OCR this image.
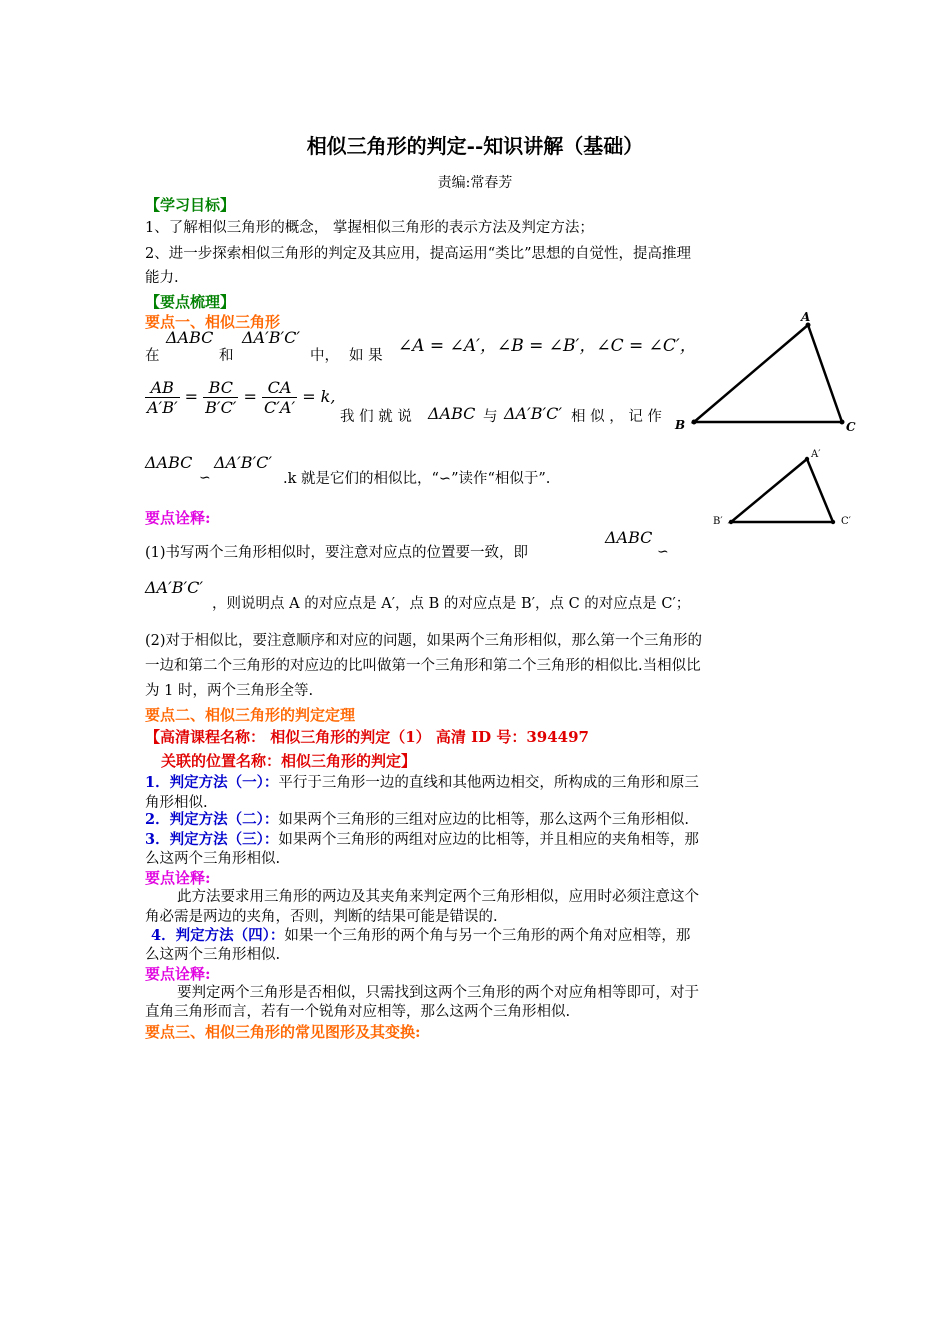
相似三角形的判定--知识讲解（基础）
责编:常春芳
【学习目标】
1、了解相似三角形的概念， 掌握相似三角形的表示方法及判定方法；
2、进一步探索相似三角形的判定及其应用，提高运用“类比”思想的自觉性，提高推理
能力.
【要点梳理】
要点一、相似三角形
在
ΔABC
和
ΔA′B′C′
中， 如 果 ∠A = ∠A′，∠B = ∠B′，∠C = ∠C′，
$\frac{AB}{A'B'} = \frac{BC}{B'C'} = \frac{CA}{C'A'} = k$,
我 们 就 说 ΔABC 与 ΔA′B′C′ 相 似 ， 记 作
ΔABC
∽
ΔA′B′C′
.k 就是它们的相似比，“∽”读作“相似于”.
要点诠释:
(1)书写两个三角形相似时，要注意对应点的位置要一致，即
ΔABC
∽
ΔA′B′C′
，则说明点 A 的对应点是 A′，点 B 的对应点是 B′，点 C 的对应点是 C′；
(2)对于相似比，要注意顺序和对应的问题，如果两个三角形相似，那么第一个三角形的
一边和第二个三角形的对应边的比叫做第一个三角形和第二个三角形的相似比.当相似比
为 1 时，两个三角形全等.
要点二、相似三角形的判定定理
【高清课程名称： 相似三角形的判定（1） 高清 ID 号：394497
关联的位置名称：相似三角形的判定】
1．判定方法（一）：平行于三角形一边的直线和其他两边相交，所构成的三角形和原三
角形相似.
2．判定方法（二）：如果两个三角形的三组对应边的比相等，那么这两个三角形相似.
3．判定方法（三）：如果两个三角形的两组对应边的比相等，并且相应的夹角相等，那
么这两个三角形相似.
要点诠释:
此方法要求用三角形的两边及其夹角来判定两个三角形相似，应用时必须注意这个
角必需是两边的夹角，否则，判断的结果可能是错误的.
4．判定方法（四）：如果一个三角形的两个角与另一个三角形的两个角对应相等，那
么这两个三角形相似.
要点诠释:
要判定两个三角形是否相似，只需找到这两个三角形的两个对应角相等即可，对于
直角三角形而言，若有一个锐角对应相等，那么这两个三角形相似.
要点三、相似三角形的常见图形及其变换:
A
B	C
A′
B′	C′
